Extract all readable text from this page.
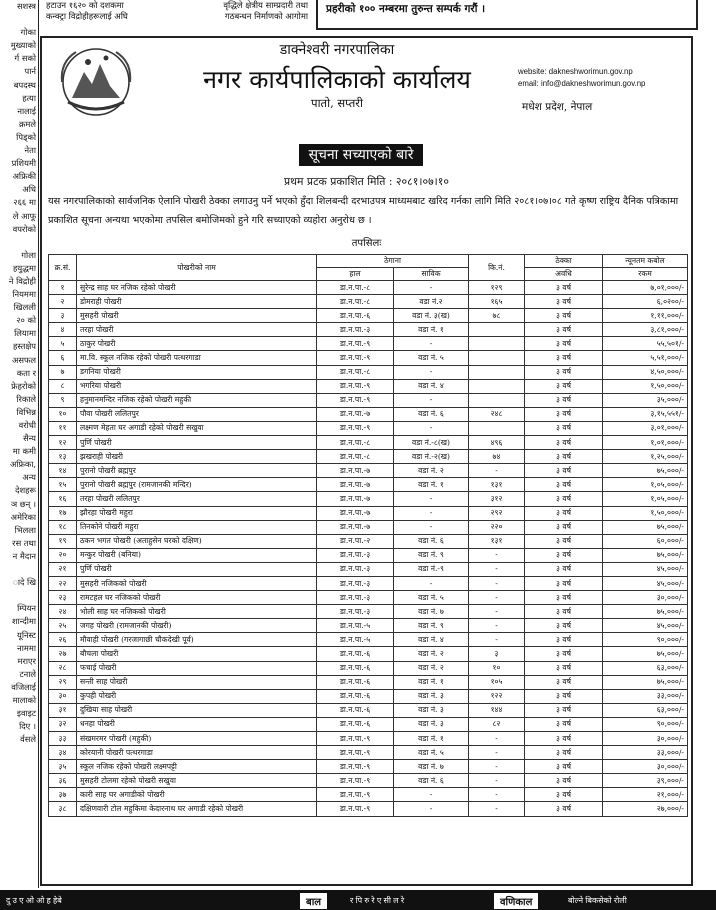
सशस्त्र

गोका
मुख्याको
र्ग सको
पार्न
बपदस्थ
हत्या
नालाई
क्रमले
पिड्को
नेता
प्रशियमी
अफ्रिकी
अधि
२६६ मा
ले आफू
वपरोको

गोला
हयुद्धमा
ने विद्रोही
नियममा
खिलली
२० को
लियामा
हस्तक्षेप
असफल
कता र
फ्रेहरोको
रिकाले
विभिन्न
वरोधी
सैन्य
मा कमी
अफ्रिका,
अन्य
देशहरू
ञ छन् ।
अमेरिका
भिलला
रस तथा
न मैदान

ादे खि

म्पियन
शान्दीमा
यूनिस्ट
नाममा
मराएर
टनाले
वजिलाई
मालाको
इवाइट
दिए ।
र्वसले
हटाउन १६२० को दशकमा	वृद्धिले क्षेत्रीय साम्प्रदारी तथा
कन्क्ट्रा विद्रोहीहरूलाई अघि	गठबन्धन निर्माणको आगोमा
प्रहरीको १०० नम्बरमा तुरुन्त सम्पर्क गरौं ।
डाक्नेश्वरी नगरपालिका
नगर कार्यपालिकाको कार्यालय
पातो, सप्तरी
website: dakneshworimun.gov.np
email: info@dakneshworimun.gov.np
मधेश प्रदेश, नेपाल
सूचना सच्याएको बारे
प्रथम प्रटक प्रकाशित मिति : २०८१।०७।१०
यस नगरपालिकाको सार्वजनिक ऐलानि पोखरी ठेक्का लगाउनु पर्ने भएको हुँदा शिलबन्दी दरभाउपत्र माध्यमबाट खरिद गर्नका लागि मिति २०८१।०७।०८ गते कृष्ण राष्ट्रिय दैनिक पत्रिकामा प्रकाशित सूचना अन्यथा भएकोमा तपसिल बमोजिमको हुने गरि सच्याएको व्यहोरा अनुरोध छ ।
तपसिलः
क्र.सं.	पोखरीको नाम	ठेगाना		कि.नं.	ठेक्का	न्यूनतम कबोल
		हाल	साविक		अवधि	रकम
१	सुरेन्द्र साह घर नजिक रहेको पोखरी	डा.न.पा.-८	-	१२९	३ वर्ष	७,०१,०००/-
२	डोमराही पोखरी	डा.न.पा.-८	वडा नं.२	१६५	३ वर्ष	६,०२००/-
३	मुसहरी पोखरी	डा.न.पा.-६	वडा नं. ३(ख)	७८	३ वर्ष	१,११,०००/-
४	तरहा पोखरी	डा.न.पा.-३	वडा नं. १		३ वर्ष	३,८१,०००/-
५	ठाकुर पोखरी	डा.न.पा.-९	-		३ वर्ष	५५,५०१/-
६	मा.वि. स्कूल नजिक रहेको पोखरी पत्थरगाडा	डा.न.पा.-९	वडा नं. ५		३ वर्ष	५,५१,०००/-
७	डगनिया पोखरी	डा.न.पा.-८	-		३ वर्ष	४,५०,०००/-
८	भगरिया पोखरी	डा.न.पा.-९	वडा नं. ४		३ वर्ष	१,५०,०००/-
९	हनुमानमन्दिर नजिक रहेको पोखरी महुकी	डा.न.पा.-९	-		३ वर्ष	३५,०००/-
१०	पौवा पोखरी ललितपुर	डा.न.पा.-७	वडा नं. ६	२४८	३ वर्ष	३,१५,५५१/-
११	लक्ष्मण मेहता घर अगाडी रहेको पोखरी सखुवा	डा.न.पा.-९	-		३ वर्ष	३,०१,०००/-
१२	पुर्णि पोखरी	डा.न.पा.-८	वडा नं.-८(ख)	४९६	३ वर्ष	१,०१,०००/-
१३	झखराही पोखरी	डा.न.पा.-८	वडा नं.-२(ख)	७४	३ वर्ष	१,२५,०००/-
१४	पुरानो पोखरी ब्रह्मपुर	डा.न.पा.-७	वडा नं. २	-	३ वर्ष	७५,०००/-
१५	पुरानो पोखरी ब्रह्मपुर (रामजानकी मन्दिर)	डा.न.पा.-७	वडा नं. १	१३१	३ वर्ष	१,०५,०००/-
१६	तरहा पोखरी ललितपुर	डा.न.पा.-७	-	३१२	३ वर्ष	१,०५,०००/-
१७	झौरहा पोखरी महुरा	डा.न.पा.-७	-	२९२	३ वर्ष	१,५०,०००/-
१८	तिनकोने पोखरी महुरा	डा.न.पा.-७	-	२२०	३ वर्ष	७५,०००/-
१९	ठकन भगत पोखरी (अताहुसेन घरको दक्षिण)	डा.न.पा.-२	वडा नं. ६	१३१	३ वर्ष	६०,०००/-
२०	मन्कुर पोखरी (बनिया)	डा.न.पा.-३	वडा नं. ९	-	३ वर्ष	७५,०००/-
२१	पुर्णि पोखरी	डा.न.पा.-३	वडा नं.-९	-	३ वर्ष	४५,०००/-
२२	मुसहरी नजिकको पोखरी	डा.न.पा.-३	-	-	३ वर्ष	४५,०००/-
२३	रामटहल घर नजिकको पोखरी	डा.न.पा.-३	वडा नं. ५	-	३ वर्ष	३०,०००/-
२४	भोली साह घर नजिकको पोखरी	डा.न.पा.-३	वडा नं. ७	-	३ वर्ष	७५,०००/-
२५	जगह पोखरी (रामजानकी पोखरी)	डा.न.पा.-५	वडा नं. ९	-	३ वर्ष	४५,०००/-
२६	मौवाही पोखरी (गरजागाछी चौकदेखी पूर्व)	डा.न.पा.-५	वडा नं. ४	-	३ वर्ष	९०,०००/-
२७	बौचला पोखरी	डा.न.पा.-६	वडा नं. २	३	३ वर्ष	७५,०००/-
२८	फचाई पोखरी	डा.न.पा.-६	वडा नं. २	१०	३ वर्ष	६३,०००/-
२९	सन्ती साह पोखरी	डा.न.पा.-६	वडा नं. १	१०५	३ वर्ष	७५,०००/-
३०	कुपही पोखरी	डा.न.पा.-६	वडा नं. ३	१२२	३ वर्ष	३३,०००/-
३१	दुखिया साह पोखरी	डा.न.पा.-६	वडा नं. ३	१४४	३ वर्ष	६३,०००/-
३२	धनहा पोखरी	डा.न.पा.-६	वडा नं. ३	८२	३ वर्ष	९०,०००/-
३३	संखमरमर पोखरी (महुकी)	डा.न.पा.-९	वडा नं. १	-	३ वर्ष	३०,०००/-
३४	कोरयानी पोखरी पत्थरगाडा	डा.न.पा.-९	वडा नं. ५	-	३ वर्ष	३३,०००/-
३५	स्कूल नजिक रहेको पोखरी लक्ष्मपट्टी	डा.न.पा.-९	वडा नं. ७	-	३ वर्ष	३०,०००/-
३६	मुसहरी टोलमा रहेको पोखरी सखुवा	डा.न.पा.-९	वडा नं. ६	-	३ वर्ष	३९,०००/-
३७	कारी साह घर अगाडीको पोखरी	डा.न.पा.-९	-	-	३ वर्ष	२१,०००/-
३८	दक्षिणवारी टोल महुकिमा केदारनाथ घर अगाडी रहेको पोखरी	डा.न.पा.-९	-	-	३ वर्ष	२७,०००/-
दु उ ए ओ ओ ह हेबे	बाल	र पि रु रे ए सी ल रे	वणिकाल	बोल्ने बिकसेको रोली
